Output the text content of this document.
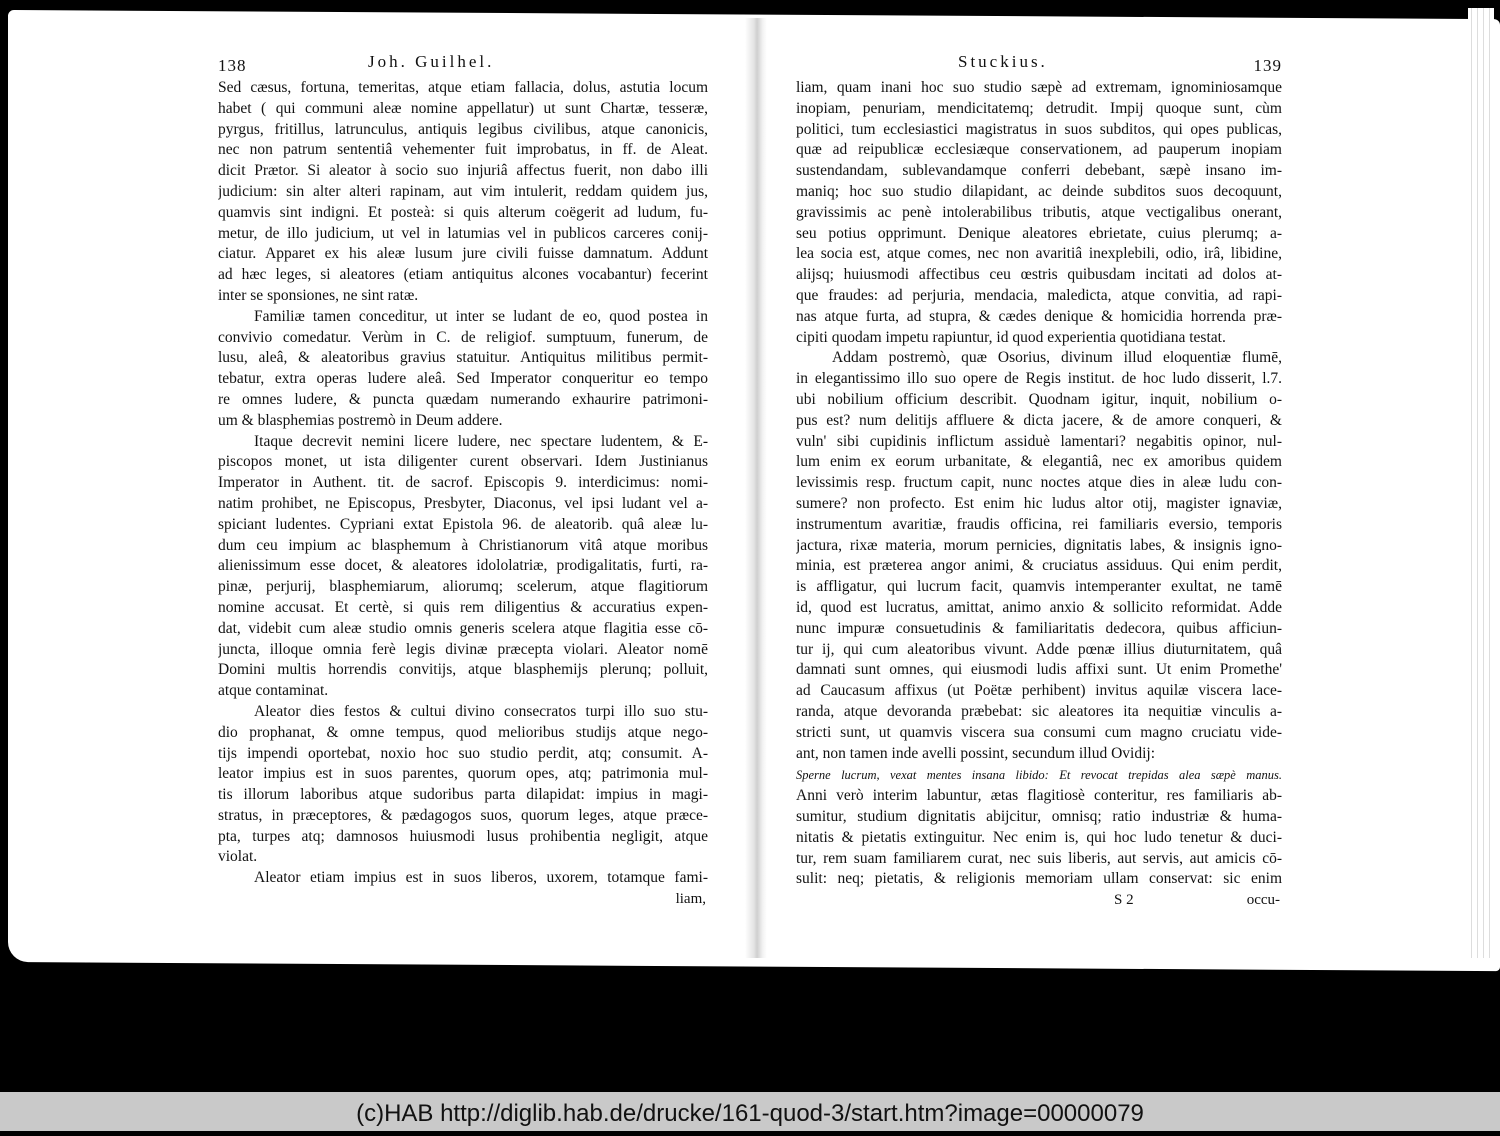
138	Joh. Guilhel.
Sed cæsus, fortuna, temeritas, atque etiam fallacia, dolus, astutia locum
habet ( qui communi aleæ nomine appellatur) ut sunt Chartæ, tesseræ,
pyrgus, fritillus, latrunculus, antiquis legibus civilibus, atque canonicis,
nec non patrum sententiâ vehementer fuit improbatus, in ff. de Aleat.
dicit Prætor. Si aleator à socio suo injuriâ affectus fuerit, non dabo illi
judicium: sin alter alteri rapinam, aut vim intulerit, reddam quidem jus,
quamvis sint indigni. Et posteà: si quis alterum coëgerit ad ludum, fu-
metur, de illo judicium, ut vel in latumias vel in publicos carceres conij-
ciatur. Apparet ex his aleæ lusum jure civili fuisse damnatum. Addunt
ad hæc leges, si aleatores (etiam antiquitus alcones vocabantur) fecerint
inter se sponsiones, ne sint ratæ.
Familiæ tamen conceditur, ut inter se ludant de eo, quod postea in
convivio comedatur. Verùm in C. de religiof. sumptuum, funerum, de
lusu, aleâ, & aleatoribus gravius statuitur. Antiquitus militibus permit-
tebatur, extra operas ludere aleâ. Sed Imperator conqueritur eo tempo
re omnes ludere, & puncta quædam numerando exhaurire patrimoni-
um & blasphemias postremò in Deum addere.
Itaque decrevit nemini licere ludere, nec spectare ludentem, & E-
piscopos monet, ut ista diligenter curent observari. Idem Justinianus
Imperator in Authent. tit. de sacrof. Episcopis 9. interdicimus: nomi-
natim prohibet, ne Episcopus, Presbyter, Diaconus, vel ipsi ludant vel a-
spiciant ludentes. Cypriani extat Epistola 96. de aleatorib. quâ aleæ lu-
dum ceu impium ac blasphemum à Christianorum vitâ atque moribus
alienissimum esse docet, & aleatores idololatriæ, prodigalitatis, furti, ra-
pinæ, perjurij, blasphemiarum, aliorumq; scelerum, atque flagitiorum
nomine accusat. Et certè, si quis rem diligentius & accuratius expen-
dat, videbit cum aleæ studio omnis generis scelera atque flagitia esse cō-
juncta, illoque omnia ferè legis divinæ præcepta violari. Aleator nomē
Domini multis horrendis convitijs, atque blasphemijs plerunq; polluit,
atque contaminat.
Aleator dies festos & cultui divino consecratos turpi illo suo stu-
dio prophanat, & omne tempus, quod melioribus studijs atque nego-
tijs impendi oportebat, noxio hoc suo studio perdit, atq; consumit. A-
leator impius est in suos parentes, quorum opes, atq; patrimonia mul-
tis illorum laboribus atque sudoribus parta dilapidat: impius in magi-
stratus, in præceptores, & pædagogos suos, quorum leges, atque præce-
pta, turpes atq; damnosos huiusmodi lusus prohibentia negligit, atque
violat.
Aleator etiam impius est in suos liberos, uxorem, totamque fami-
liam,
Stuckius.	139
liam, quam inani hoc suo studio sæpè ad extremam, ignominiosamque
inopiam, penuriam, mendicitatemq; detrudit. Impij quoque sunt, cùm
politici, tum ecclesiastici magistratus in suos subditos, qui opes publicas,
quæ ad reipublicæ ecclesiæque conservationem, ad pauperum inopiam
sustendandam, sublevandamque conferri debebant, sæpè insano im-
maniq; hoc suo studio dilapidant, ac deinde subditos suos decoquunt,
gravissimis ac penè intolerabilibus tributis, atque vectigalibus onerant,
seu potius opprimunt. Denique aleatores ebrietate, cuius plerumq; a-
lea socia est, atque comes, nec non avaritiâ inexplebili, odio, irâ, libidine,
alijsq; huiusmodi affectibus ceu œstris quibusdam incitati ad dolos at-
que fraudes: ad perjuria, mendacia, maledicta, atque convitia, ad rapi-
nas atque furta, ad stupra, & cædes denique & homicidia horrenda præ-
cipiti quodam impetu rapiuntur, id quod experientia quotidiana testat.
Addam postremò, quæ Osorius, divinum illud eloquentiæ flumē,
in elegantissimo illo suo opere de Regis institut. de hoc ludo disserit, l.7.
ubi nobilium officium describit. Quodnam igitur, inquit, nobilium o-
pus est? num delitijs affluere & dicta jacere, & de amore conqueri, &
vuln' sibi cupidinis inflictum assiduè lamentari? negabitis opinor, nul-
lum enim ex eorum urbanitate, & elegantiâ, nec ex amoribus quidem
levissimis resp. fructum capit, nunc noctes atque dies in aleæ ludu con-
sumere? non profecto. Est enim hic ludus altor otij, magister ignaviæ,
instrumentum avaritiæ, fraudis officina, rei familiaris eversio, temporis
jactura, rixæ materia, morum pernicies, dignitatis labes, & insignis igno-
minia, est præterea angor animi, & cruciatus assiduus. Qui enim perdit,
is affligatur, qui lucrum facit, quamvis intemperanter exultat, ne tamē
id, quod est lucratus, amittat, animo anxio & sollicito reformidat. Adde
nunc impuræ consuetudinis & familiaritatis dedecora, quibus afficiun-
tur ij, qui cum aleatoribus vivunt. Adde pœnæ illius diuturnitatem, quâ
damnati sunt omnes, qui eiusmodi ludis affixi sunt. Ut enim Promethe'
ad Caucasum affixus (ut Poëtæ perhibent) invitus aquilæ viscera lace-
randa, atque devoranda præbebat: sic aleatores ita nequitiæ vinculis a-
stricti sunt, ut quamvis viscera sua consumi cum magno cruciatu vide-
ant, non tamen inde avelli possint, secundum illud Ovidij:
Sperne lucrum, vexat mentes insana libido: Et revocat trepidas alea sæpè manus.
Anni verò interim labuntur, ætas flagitiosè conteritur, res familiaris ab-
sumitur, studium dignitatis abijcitur, omnisq; ratio industriæ & huma-
nitatis & pietatis extinguitur. Nec enim is, qui hoc ludo tenetur & duci-
tur, rem suam familiarem curat, nec suis liberis, aut servis, aut amicis cō-
sulit: neq; pietatis, & religionis memoriam ullam conservat: sic enim
S 2	occu-
(c)HAB http://diglib.hab.de/drucke/161-quod-3/start.htm?image=00000079
